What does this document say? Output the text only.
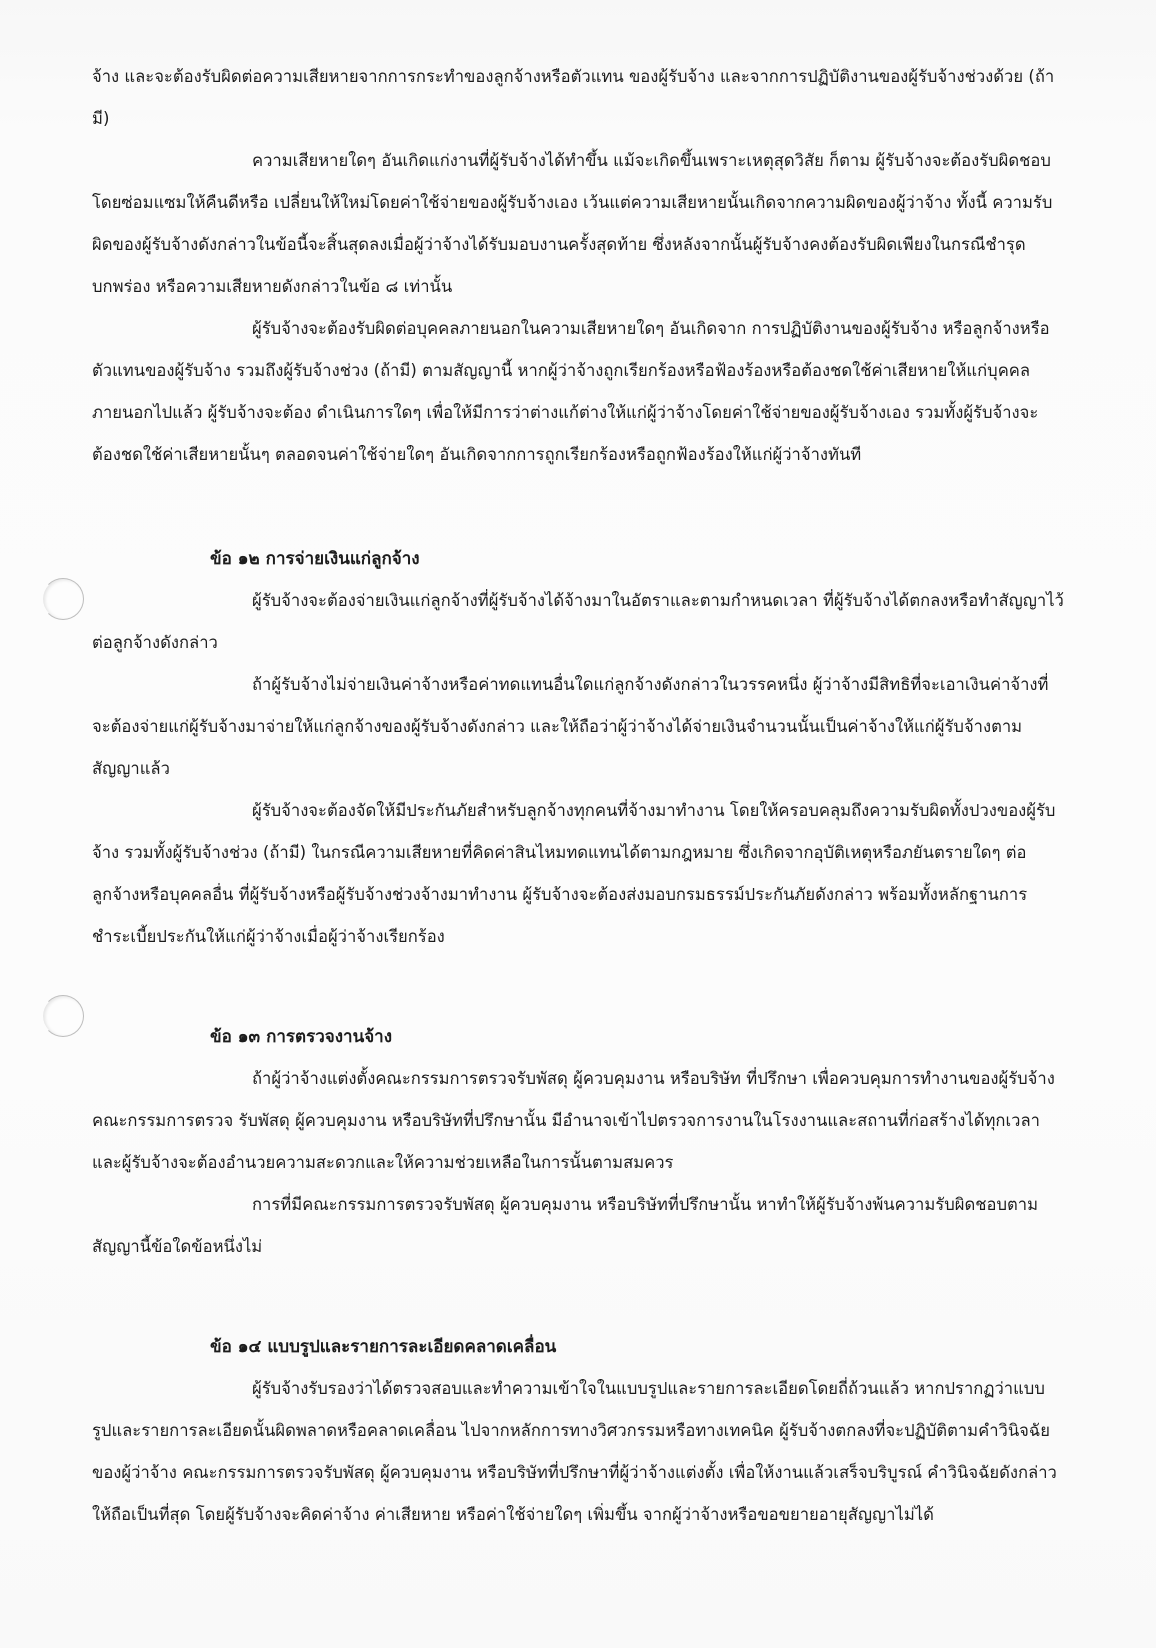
จ้าง และจะต้องรับผิดต่อความเสียหายจากการกระทำของลูกจ้างหรือตัวแทน ของผู้รับจ้าง และจากการปฏิบัติงานของผู้รับจ้างช่วงด้วย (ถ้ามี)

ความเสียหายใดๆ อันเกิดแก่งานที่ผู้รับจ้างได้ทำขึ้น แม้จะเกิดขึ้นเพราะเหตุสุดวิสัย ก็ตาม ผู้รับจ้างจะต้องรับผิดชอบโดยซ่อมแซมให้คืนดีหรือ เปลี่ยนให้ใหม่โดยค่าใช้จ่ายของผู้รับจ้างเอง เว้นแต่ความเสียหายนั้นเกิดจากความผิดของผู้ว่าจ้าง ทั้งนี้ ความรับผิดของผู้รับจ้างดังกล่าวในข้อนี้จะสิ้นสุดลงเมื่อผู้ว่าจ้างได้รับมอบงานครั้งสุดท้าย ซึ่งหลังจากนั้นผู้รับจ้างคงต้องรับผิดเพียงในกรณีชำรุดบกพร่อง หรือความเสียหายดังกล่าวในข้อ ๘ เท่านั้น

ผู้รับจ้างจะต้องรับผิดต่อบุคคลภายนอกในความเสียหายใดๆ อันเกิดจาก การปฏิบัติงานของผู้รับจ้าง หรือลูกจ้างหรือตัวแทนของผู้รับจ้าง รวมถึงผู้รับจ้างช่วง (ถ้ามี) ตามสัญญานี้ หากผู้ว่าจ้างถูกเรียกร้องหรือฟ้องร้องหรือต้องชดใช้ค่าเสียหายให้แก่บุคคลภายนอกไปแล้ว ผู้รับจ้างจะต้อง ดำเนินการใดๆ เพื่อให้มีการว่าต่างแก้ต่างให้แก่ผู้ว่าจ้างโดยค่าใช้จ่ายของผู้รับจ้างเอง รวมทั้งผู้รับจ้างจะต้องชดใช้ค่าเสียหายนั้นๆ ตลอดจนค่าใช้จ่ายใดๆ อันเกิดจากการถูกเรียกร้องหรือถูกฟ้องร้องให้แก่ผู้ว่าจ้างทันที

ข้อ ๑๒ การจ่ายเงินแก่ลูกจ้าง

ผู้รับจ้างจะต้องจ่ายเงินแก่ลูกจ้างที่ผู้รับจ้างได้จ้างมาในอัตราและตามกำหนดเวลา ที่ผู้รับจ้างได้ตกลงหรือทำสัญญาไว้ต่อลูกจ้างดังกล่าว

ถ้าผู้รับจ้างไม่จ่ายเงินค่าจ้างหรือค่าทดแทนอื่นใดแก่ลูกจ้างดังกล่าวในวรรคหนึ่ง ผู้ว่าจ้างมีสิทธิที่จะเอาเงินค่าจ้างที่จะต้องจ่ายแก่ผู้รับจ้างมาจ่ายให้แก่ลูกจ้างของผู้รับจ้างดังกล่าว และให้ถือว่าผู้ว่าจ้างได้จ่ายเงินจำนวนนั้นเป็นค่าจ้างให้แก่ผู้รับจ้างตามสัญญาแล้ว

ผู้รับจ้างจะต้องจัดให้มีประกันภัยสำหรับลูกจ้างทุกคนที่จ้างมาทำงาน โดยให้ครอบคลุมถึงความรับผิดทั้งปวงของผู้รับจ้าง รวมทั้งผู้รับจ้างช่วง (ถ้ามี) ในกรณีความเสียหายที่คิดค่าสินไหมทดแทนได้ตามกฎหมาย ซึ่งเกิดจากอุบัติเหตุหรือภยันตรายใดๆ ต่อลูกจ้างหรือบุคคลอื่น ที่ผู้รับจ้างหรือผู้รับจ้างช่วงจ้างมาทำงาน ผู้รับจ้างจะต้องส่งมอบกรมธรรม์ประกันภัยดังกล่าว พร้อมทั้งหลักฐานการชำระเบี้ยประกันให้แก่ผู้ว่าจ้างเมื่อผู้ว่าจ้างเรียกร้อง

ข้อ ๑๓ การตรวจงานจ้าง

ถ้าผู้ว่าจ้างแต่งตั้งคณะกรรมการตรวจรับพัสดุ ผู้ควบคุมงาน หรือบริษัท ที่ปรึกษา เพื่อควบคุมการทำงานของผู้รับจ้าง คณะกรรมการตรวจ รับพัสดุ ผู้ควบคุมงาน หรือบริษัทที่ปรึกษานั้น มีอำนาจเข้าไปตรวจการงานในโรงงานและสถานที่ก่อสร้างได้ทุกเวลา และผู้รับจ้างจะต้องอำนวยความสะดวกและให้ความช่วยเหลือในการนั้นตามสมควร

การที่มีคณะกรรมการตรวจรับพัสดุ ผู้ควบคุมงาน หรือบริษัทที่ปรึกษานั้น หาทำให้ผู้รับจ้างพ้นความรับผิดชอบตามสัญญานี้ข้อใดข้อหนึ่งไม่

ข้อ ๑๔ แบบรูปและรายการละเอียดคลาดเคลื่อน

ผู้รับจ้างรับรองว่าได้ตรวจสอบและทำความเข้าใจในแบบรูปและรายการละเอียดโดยถี่ถ้วนแล้ว หากปรากฏว่าแบบรูปและรายการละเอียดนั้นผิดพลาดหรือคลาดเคลื่อน ไปจากหลักการทางวิศวกรรมหรือทางเทคนิค ผู้รับจ้างตกลงที่จะปฏิบัติตามคำวินิจฉัยของผู้ว่าจ้าง คณะกรรมการตรวจรับพัสดุ ผู้ควบคุมงาน หรือบริษัทที่ปรึกษาที่ผู้ว่าจ้างแต่งตั้ง เพื่อให้งานแล้วเสร็จบริบูรณ์ คำวินิจฉัยดังกล่าวให้ถือเป็นที่สุด โดยผู้รับจ้างจะคิดค่าจ้าง ค่าเสียหาย หรือค่าใช้จ่ายใดๆ เพิ่มขึ้น จากผู้ว่าจ้างหรือขอขยายอายุสัญญาไม่ได้
